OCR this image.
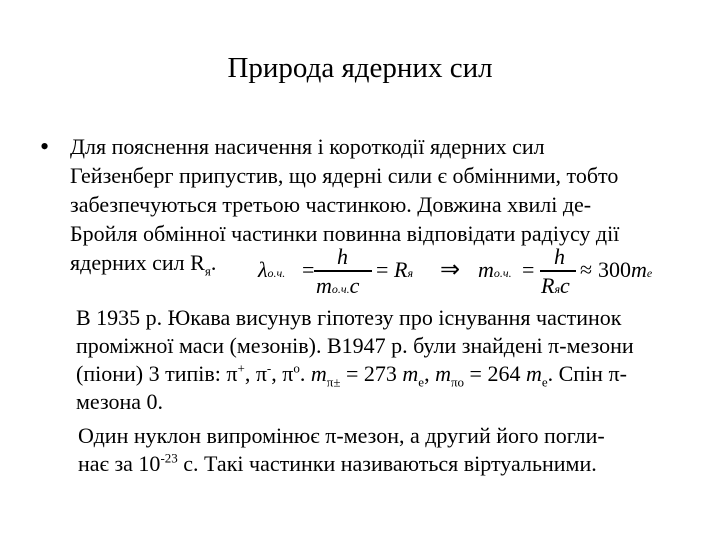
Природа ядерних сил
• Для пояснення насичення і короткодії ядерних сил
Гейзенберг припустив, що ядерні сили є обмінними, тобто
забезпечуються третьою частинкою. Довжина хвилі де-
Бройля обмінної частинки повинна відповідати радіусу дії
ядерних сил $R_я$.	λо.ч. =
h
mо.ч.c
= Rя ⇒ mо.ч. =
h
Rяc
≈ 300me
В 1935 р. Юкава висунув гіпотезу про існування частинок
проміжної маси (мезонів). В1947 р. були знайдені π-мезони
(піони) 3 типів: π+, π-, $\pi^o$. $m_{\pi\pm} = 273$ $m_e$, $m_{\pi o} = 264$ $m_e$. Спін π-
мезона 0.
Один нуклон випромінює π-мезон, а другий його погли-
нає за $10^{-23}$ с. Такі частинки називаються віртуальними.
